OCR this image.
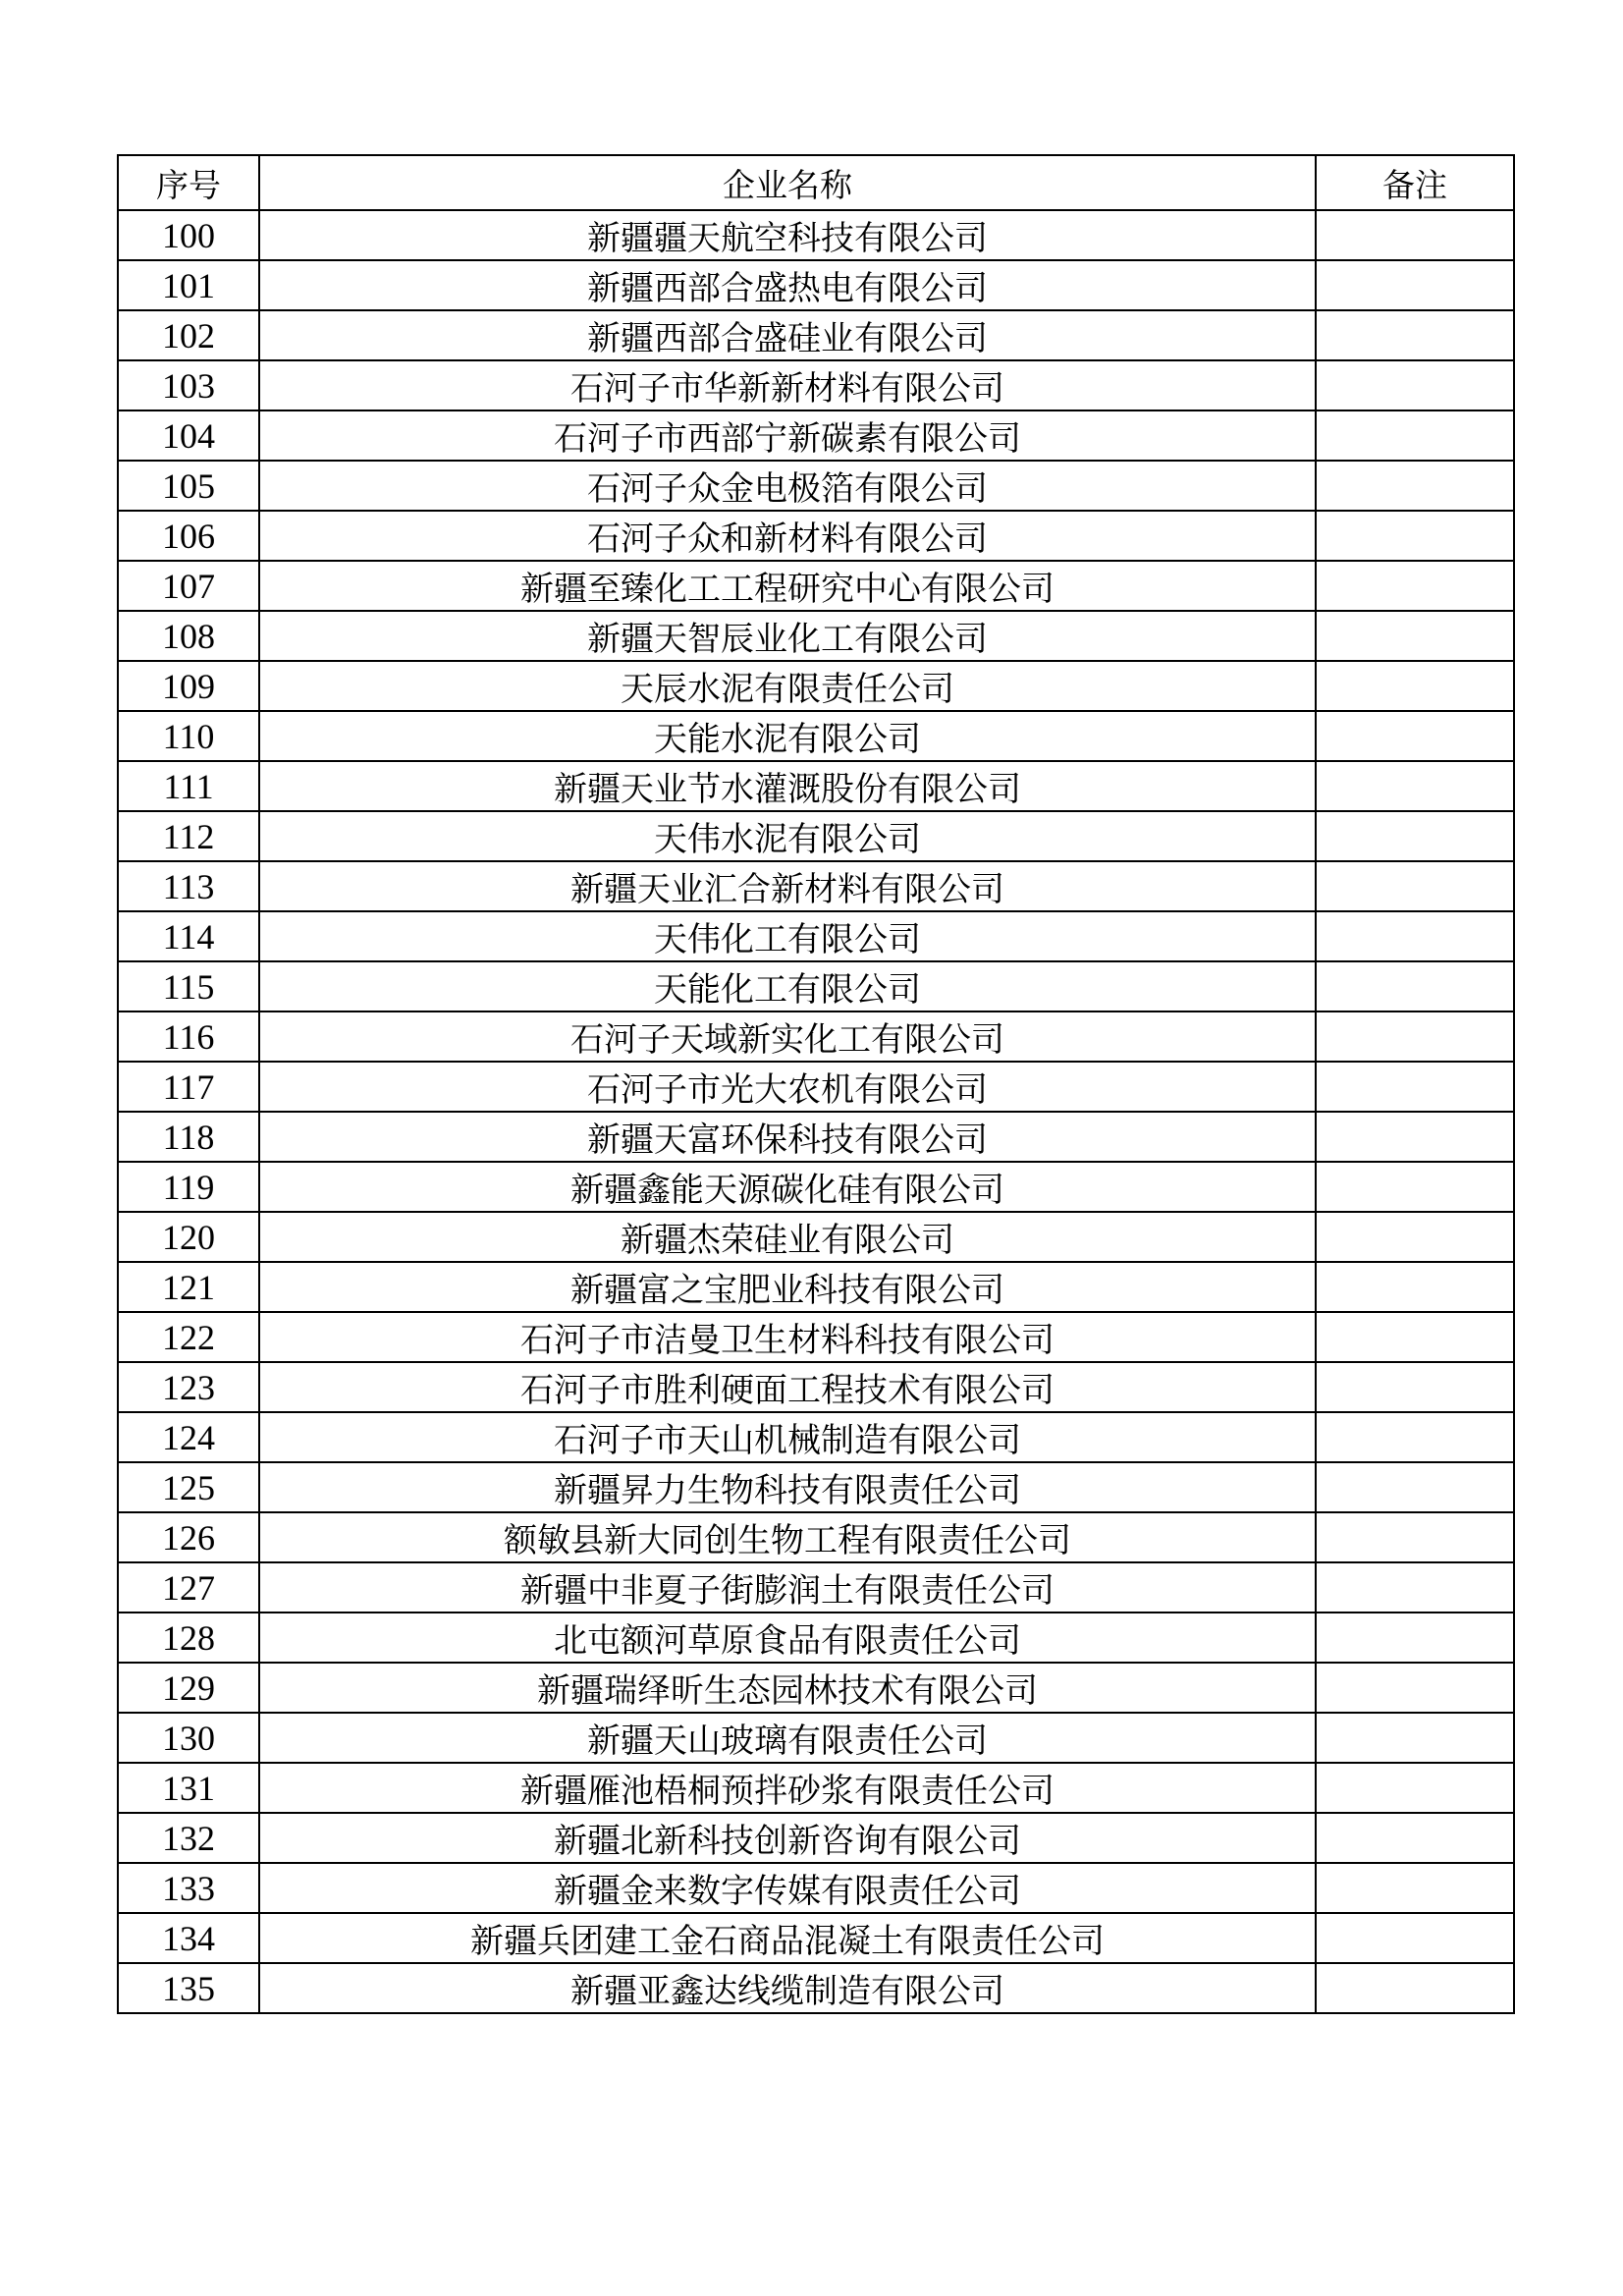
序号	企业名称	备注
100	新疆疆天航空科技有限公司	
101	新疆西部合盛热电有限公司	
102	新疆西部合盛硅业有限公司	
103	石河子市华新新材料有限公司	
104	石河子市西部宁新碳素有限公司	
105	石河子众金电极箔有限公司	
106	石河子众和新材料有限公司	
107	新疆至臻化工工程研究中心有限公司	
108	新疆天智辰业化工有限公司	
109	天辰水泥有限责任公司	
110	天能水泥有限公司	
111	新疆天业节水灌溉股份有限公司	
112	天伟水泥有限公司	
113	新疆天业汇合新材料有限公司	
114	天伟化工有限公司	
115	天能化工有限公司	
116	石河子天域新实化工有限公司	
117	石河子市光大农机有限公司	
118	新疆天富环保科技有限公司	
119	新疆鑫能天源碳化硅有限公司	
120	新疆杰荣硅业有限公司	
121	新疆富之宝肥业科技有限公司	
122	石河子市洁曼卫生材料科技有限公司	
123	石河子市胜利硬面工程技术有限公司	
124	石河子市天山机械制造有限公司	
125	新疆昇力生物科技有限责任公司	
126	额敏县新大同创生物工程有限责任公司	
127	新疆中非夏子街膨润土有限责任公司	
128	北屯额河草原食品有限责任公司	
129	新疆瑞绎昕生态园林技术有限公司	
130	新疆天山玻璃有限责任公司	
131	新疆雁池梧桐预拌砂浆有限责任公司	
132	新疆北新科技创新咨询有限公司	
133	新疆金来数字传媒有限责任公司	
134	新疆兵团建工金石商品混凝土有限责任公司	
135	新疆亚鑫达线缆制造有限公司	
